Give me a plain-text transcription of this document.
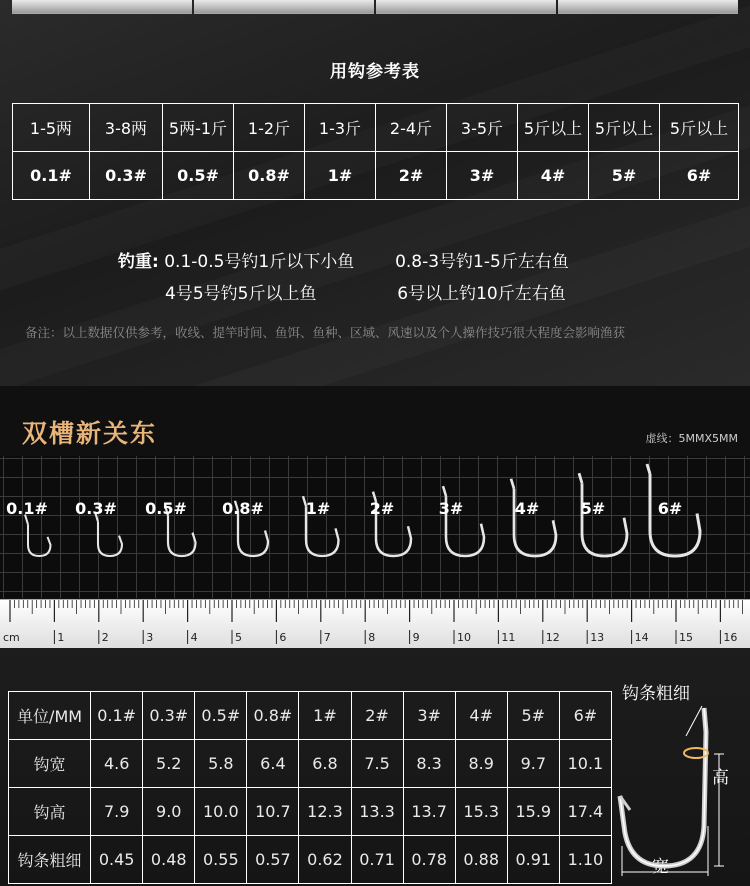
用钩参考表
1-5两	3-8两	5两-1斤	1-2斤	1-3斤	2-4斤	3-5斤	5斤以上	5斤以上	5斤以上
0.1#	0.3#	0.5#	0.8#	1#	2#	3#	4#	5#	6#
钓重: 0.1-0.5号钓1斤以下小鱼 0.8-3号钓1-5斤左右鱼
4号5号钓5斤以上鱼	6号以上钓10斤左右鱼
备注：以上数据仅供参考，收线、提竿时间、鱼饵、鱼种、区域、风速以及个人操作技巧很大程度会影响渔获
双槽新关东	虚线：5MMX5MM
0.1# 0.3# 0.5# 0.8#	1# 2#	3#	4#	5#	6#
cm	1	2	3	4	5	6	7	8	9	10	11	12	13	14	15	16
单位/MM	0.1#	0.3#	0.5#	0.8#	1#	2#	3#	4#	5#	6#
钩宽	4.6	5.2	5.8	6.4	6.8	7.5	8.3	8.9	9.7	10.1
钩高	7.9	9.0	10.0	10.7	12.3	13.3	13.7	15.3	15.9	17.4
钩条粗细	0.45	0.48	0.55	0.57	0.62	0.71	0.78	0.88	0.91	1.10
钩条粗细
高
宽
